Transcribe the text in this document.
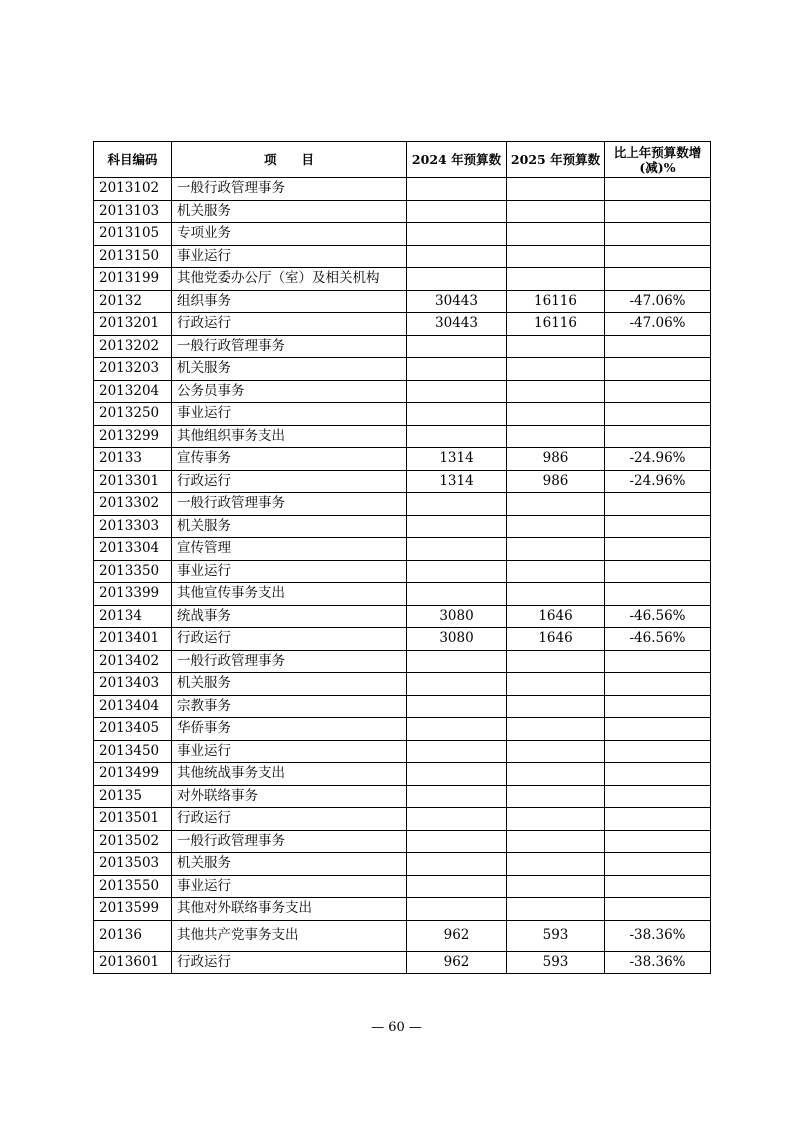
科目编码	项　　目	2024 年预算数	2025 年预算数	比上年预算数增 (减)%
2013102	一般行政管理事务			
2013103	机关服务			
2013105	专项业务			
2013150	事业运行			
2013199	其他党委办公厅（室）及相关机构			
20132	组织事务	30443	16116	-47.06%
2013201	行政运行	30443	16116	-47.06%
2013202	一般行政管理事务			
2013203	机关服务			
2013204	公务员事务			
2013250	事业运行			
2013299	其他组织事务支出			
20133	宣传事务	1314	986	-24.96%
2013301	行政运行	1314	986	-24.96%
2013302	一般行政管理事务			
2013303	机关服务			
2013304	宣传管理			
2013350	事业运行			
2013399	其他宣传事务支出			
20134	统战事务	3080	1646	-46.56%
2013401	行政运行	3080	1646	-46.56%
2013402	一般行政管理事务			
2013403	机关服务			
2013404	宗教事务			
2013405	华侨事务			
2013450	事业运行			
2013499	其他统战事务支出			
20135	对外联络事务			
2013501	行政运行			
2013502	一般行政管理事务			
2013503	机关服务			
2013550	事业运行			
2013599	其他对外联络事务支出			
20136	其他共产党事务支出	962	593	-38.36%
2013601	行政运行	962	593	-38.36%
— 60 —
